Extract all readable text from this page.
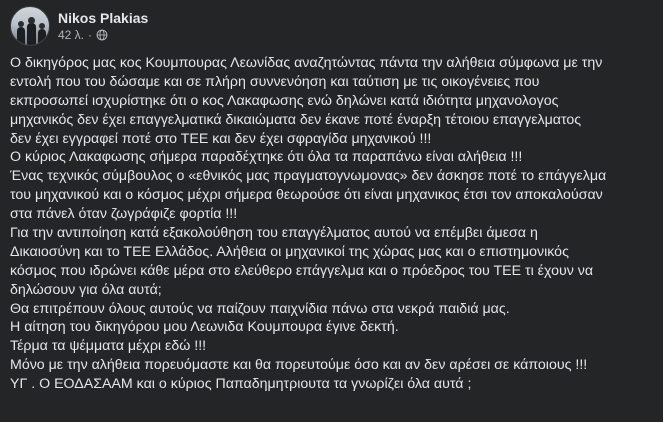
Nikos Plakias
42 λ. ·
Ο δικηγόρος μας κος Κουμπουρας Λεωνίδας αναζητώντας πάντα την αλήθεια σύμφωνα με την
εντολή που του δώσαμε και σε πλήρη συννενόηση και ταύτιση με τις οικογένειες που
εκπροσωπεί ισχυρίστηκε ότι ο κος Λακαφωσης ενώ δηλώνει κατά ιδιότητα μηχανολογος
μηχανικός δεν έχει επαγγελματικά δικαιώματα δεν έκανε ποτέ έναρξη τέτοιου επαγγελματος
δεν έχει εγγραφεί ποτέ στο ΤΕΕ και δεν έχει σφραγίδα μηχανικού !!!
Ο κύριος Λακαφωσης σήμερα παραδέχτηκε ότι όλα τα παραπάνω είναι αλήθεια !!!
Ένας τεχνικός σύμβουλος ο «εθνικός μας πραγματογνωμονας» δεν άσκησε ποτέ το επάγγελμα
του μηχανικού και ο κόσμος μέχρι σήμερα θεωρούσε ότι είναι μηχανικος έτσι τον αποκαλούσαν
στα πάνελ όταν ζωγράφιζε φορτία !!!
Για την αντιποίηση κατά εξακολούθηση του επαγγέλματος αυτού να επέμβει άμεσα η
Δικαιοσύνη και το ΤΕΕ Ελλάδος. Αλήθεια οι μηχανικοί της χώρας μας και ο επιστημονικός
κόσμος που ιδρώνει κάθε μέρα στο ελεύθερο επάγγελμα και ο πρόεδρος του ΤΕΕ τι έχουν να
δηλώσουν για όλα αυτά;
Θα επιτρέπουν όλους αυτούς να παίζουν παιχνίδια πάνω στα νεκρά παιδιά μας.
Η αίτηση του δικηγόρου μου Λεωνιδα Κουμπουρα έγινε δεκτή.
Τέρμα τα ψέμματα μέχρι εδώ !!!
Μόνο με την αλήθεια πορευόμαστε και θα πορευτούμε όσο και αν δεν αρέσει σε κάποιους !!!
ΥΓ . Ο ΕΟΔΑΣΑΑΜ και ο κύριος Παπαδημητριουτα τα γνωρίζει όλα αυτά ;
